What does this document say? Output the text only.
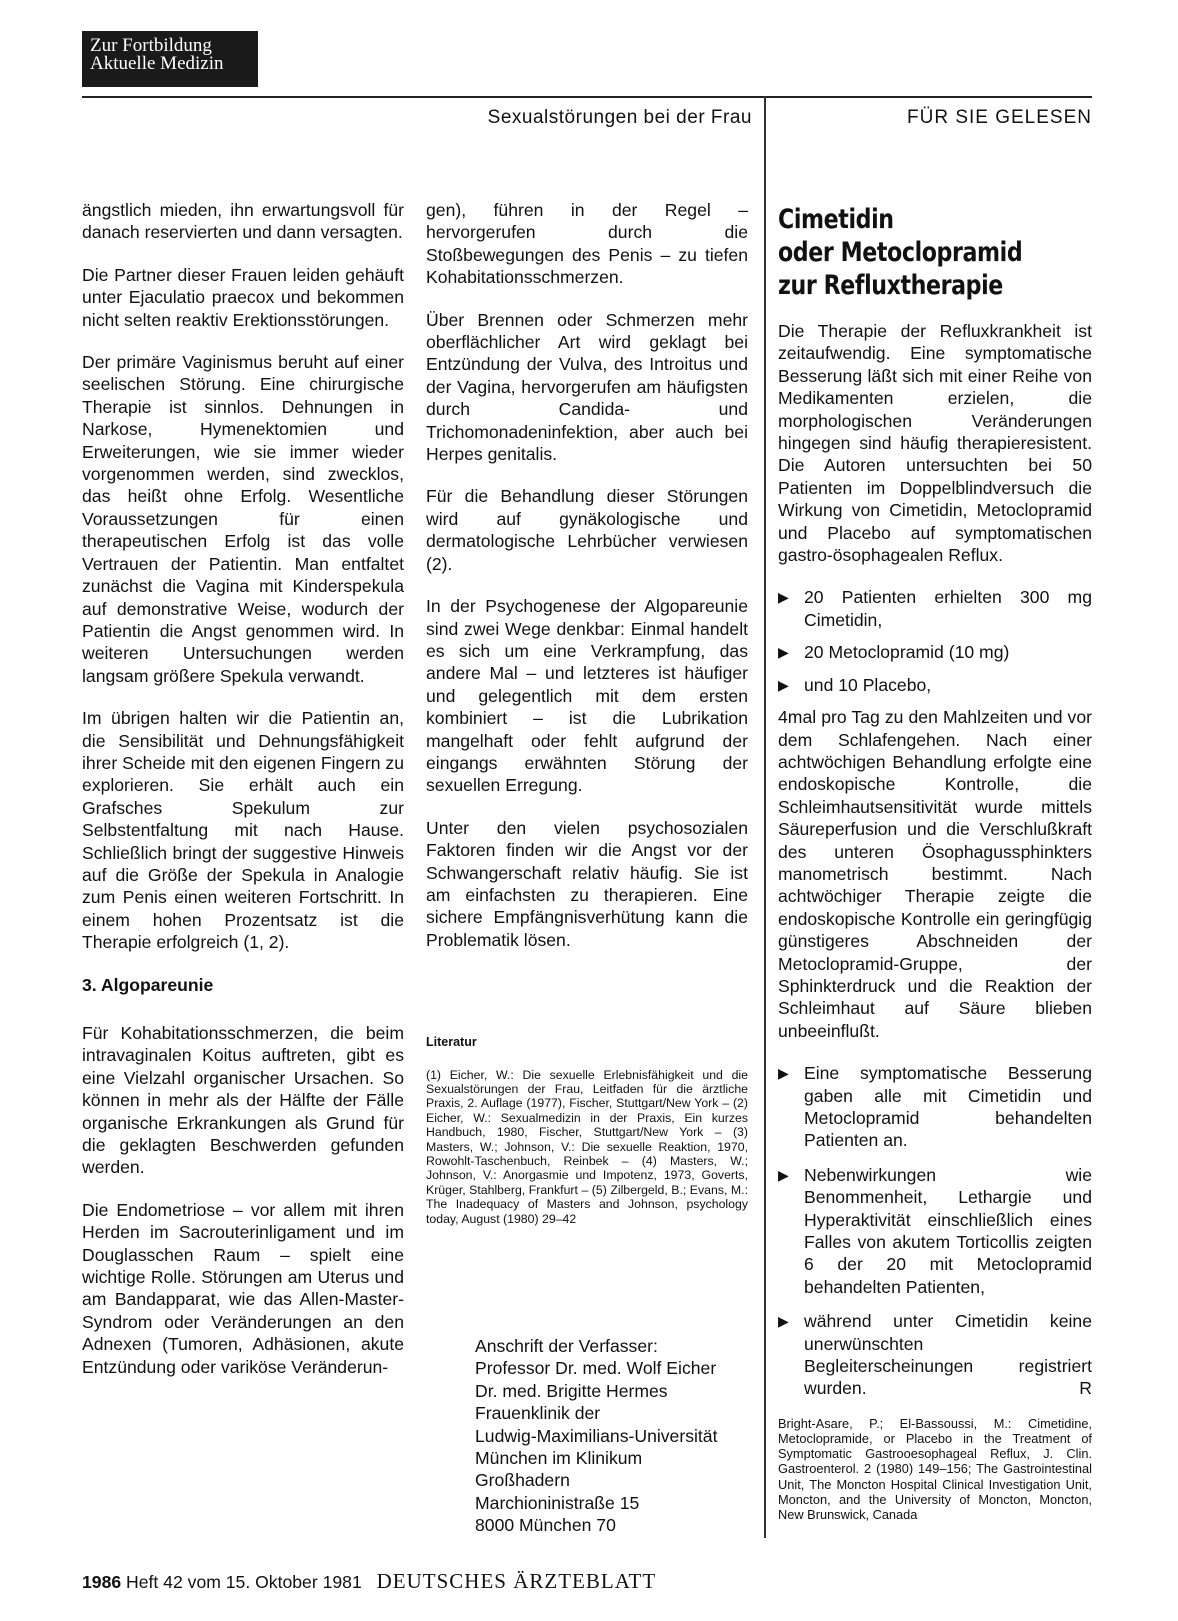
Zur Fortbildung
Aktuelle Medizin
Sexualstörungen bei der Frau	FÜR SIE GELESEN

ängstlich mieden, ihn erwartungsvoll für danach reservierten und dann versagten.

Die Partner dieser Frauen leiden gehäuft unter Ejaculatio praecox und bekommen nicht selten reaktiv Erektionsstörungen.

Der primäre Vaginismus beruht auf einer seelischen Störung. Eine chirurgische Therapie ist sinnlos. Dehnungen in Narkose, Hymenektomien und Erweiterungen, wie sie immer wieder vorgenommen werden, sind zwecklos, das heißt ohne Erfolg. Wesentliche Voraussetzungen für einen therapeutischen Erfolg ist das volle Vertrauen der Patientin. Man entfaltet zunächst die Vagina mit Kinderspekula auf demonstrative Weise, wodurch der Patientin die Angst genommen wird. In weiteren Untersuchungen werden langsam größere Spekula verwandt.

Im übrigen halten wir die Patientin an, die Sensibilität und Dehnungsfähigkeit ihrer Scheide mit den eigenen Fingern zu explorieren. Sie erhält auch ein Grafsches Spekulum zur Selbstentfaltung mit nach Hause. Schließlich bringt der suggestive Hinweis auf die Größe der Spekula in Analogie zum Penis einen weiteren Fortschritt. In einem hohen Prozentsatz ist die Therapie erfolgreich (1, 2).

3. Algopareunie

Für Kohabitationsschmerzen, die beim intravaginalen Koitus auftreten, gibt es eine Vielzahl organischer Ursachen. So können in mehr als der Hälfte der Fälle organische Erkrankungen als Grund für die geklagten Beschwerden gefunden werden.

Die Endometriose – vor allem mit ihren Herden im Sacrouterinligament und im Douglasschen Raum – spielt eine wichtige Rolle. Störungen am Uterus und am Bandapparat, wie das Allen-Master-Syndrom oder Veränderungen an den Adnexen (Tumoren, Adhäsionen, akute Entzündung oder variköse Veränderun-

gen), führen in der Regel – hervorgerufen durch die Stoßbewegungen des Penis – zu tiefen Kohabitationsschmerzen.

Über Brennen oder Schmerzen mehr oberflächlicher Art wird geklagt bei Entzündung der Vulva, des Introitus und der Vagina, hervorgerufen am häufigsten durch Candida- und Trichomonadeninfektion, aber auch bei Herpes genitalis.

Für die Behandlung dieser Störungen wird auf gynäkologische und dermatologische Lehrbücher verwiesen (2).

In der Psychogenese der Algopareunie sind zwei Wege denkbar: Einmal handelt es sich um eine Verkrampfung, das andere Mal – und letzteres ist häufiger und gelegentlich mit dem ersten kombiniert – ist die Lubrikation mangelhaft oder fehlt aufgrund der eingangs erwähnten Störung der sexuellen Erregung.

Unter den vielen psychosozialen Faktoren finden wir die Angst vor der Schwangerschaft relativ häufig. Sie ist am einfachsten zu therapieren. Eine sichere Empfängnisverhütung kann die Problematik lösen.

Literatur
(1) Eicher, W.: Die sexuelle Erlebnisfähigkeit und die Sexualstörungen der Frau, Leitfaden für die ärztliche Praxis, 2. Auflage (1977), Fischer, Stuttgart/New York – (2) Eicher, W.: Sexualmedizin in der Praxis, Ein kurzes Handbuch, 1980, Fischer, Stuttgart/New York – (3) Masters, W.; Johnson, V.: Die sexuelle Reaktion, 1970, Rowohlt-Taschenbuch, Reinbek – (4) Masters, W.; Johnson, V.: Anorgasmie und Impotenz, 1973, Goverts, Krüger, Stahlberg, Frankfurt – (5) Zilbergeld, B.; Evans, M.: The Inadequacy of Masters and Johnson, psychology today, August (1980) 29–42
Anschrift der Verfasser:
Professor Dr. med. Wolf Eicher
Dr. med. Brigitte Hermes
Frauenklinik der
Ludwig-Maximilians-Universität
München im Klinikum
Großhadern
Marchioninistraße 15
8000 München 70
Cimetidin
oder Metoclopramid
zur Refluxtherapie

Die Therapie der Refluxkrankheit ist zeitaufwendig. Eine symptomatische Besserung läßt sich mit einer Reihe von Medikamenten erzielen, die morphologischen Veränderungen hingegen sind häufig therapieresistent. Die Autoren untersuchten bei 50 Patienten im Doppelblindversuch die Wirkung von Cimetidin, Metoclopramid und Placebo auf symptomatischen gastro-ösophagealen Reflux.

▶ 20 Patienten erhielten 300 mg Cimetidin,
▶ 20 Metoclopramid (10 mg)
▶ und 10 Placebo,

4mal pro Tag zu den Mahlzeiten und vor dem Schlafengehen. Nach einer achtwöchigen Behandlung erfolgte eine endoskopische Kontrolle, die Schleimhautsensitivität wurde mittels Säureperfusion und die Verschlußkraft des unteren Ösophagussphinkters manometrisch bestimmt. Nach achtwöchiger Therapie zeigte die endoskopische Kontrolle ein geringfügig günstigeres Abschneiden der Metoclopramid-Gruppe, der Sphinkterdruck und die Reaktion der Schleimhaut auf Säure blieben unbeeinflußt.

▶ Eine symptomatische Besserung gaben alle mit Cimetidin und Metoclopramid behandelten Patienten an.
▶ Nebenwirkungen wie Benommenheit, Lethargie und Hyperaktivität einschließlich eines Falles von akutem Torticollis zeigten 6 der 20 mit Metoclopramid behandelten Patienten,
▶ während unter Cimetidin keine unerwünschten Begleiterscheinungen registriert wurden.	R
Bright-Asare, P.; El-Bassoussi, M.: Cimetidine, Metoclopramide, or Placebo in the Treatment of Symptomatic Gastrooesophageal Reflux, J. Clin. Gastroenterol. 2 (1980) 149–156; The Gastrointestinal Unit, The Moncton Hospital Clinical Investigation Unit, Moncton, and the University of Moncton, Moncton, New Brunswick, Canada
1986 Heft 42 vom 15. Oktober 1981 DEUTSCHES ÄRZTEBLATT
